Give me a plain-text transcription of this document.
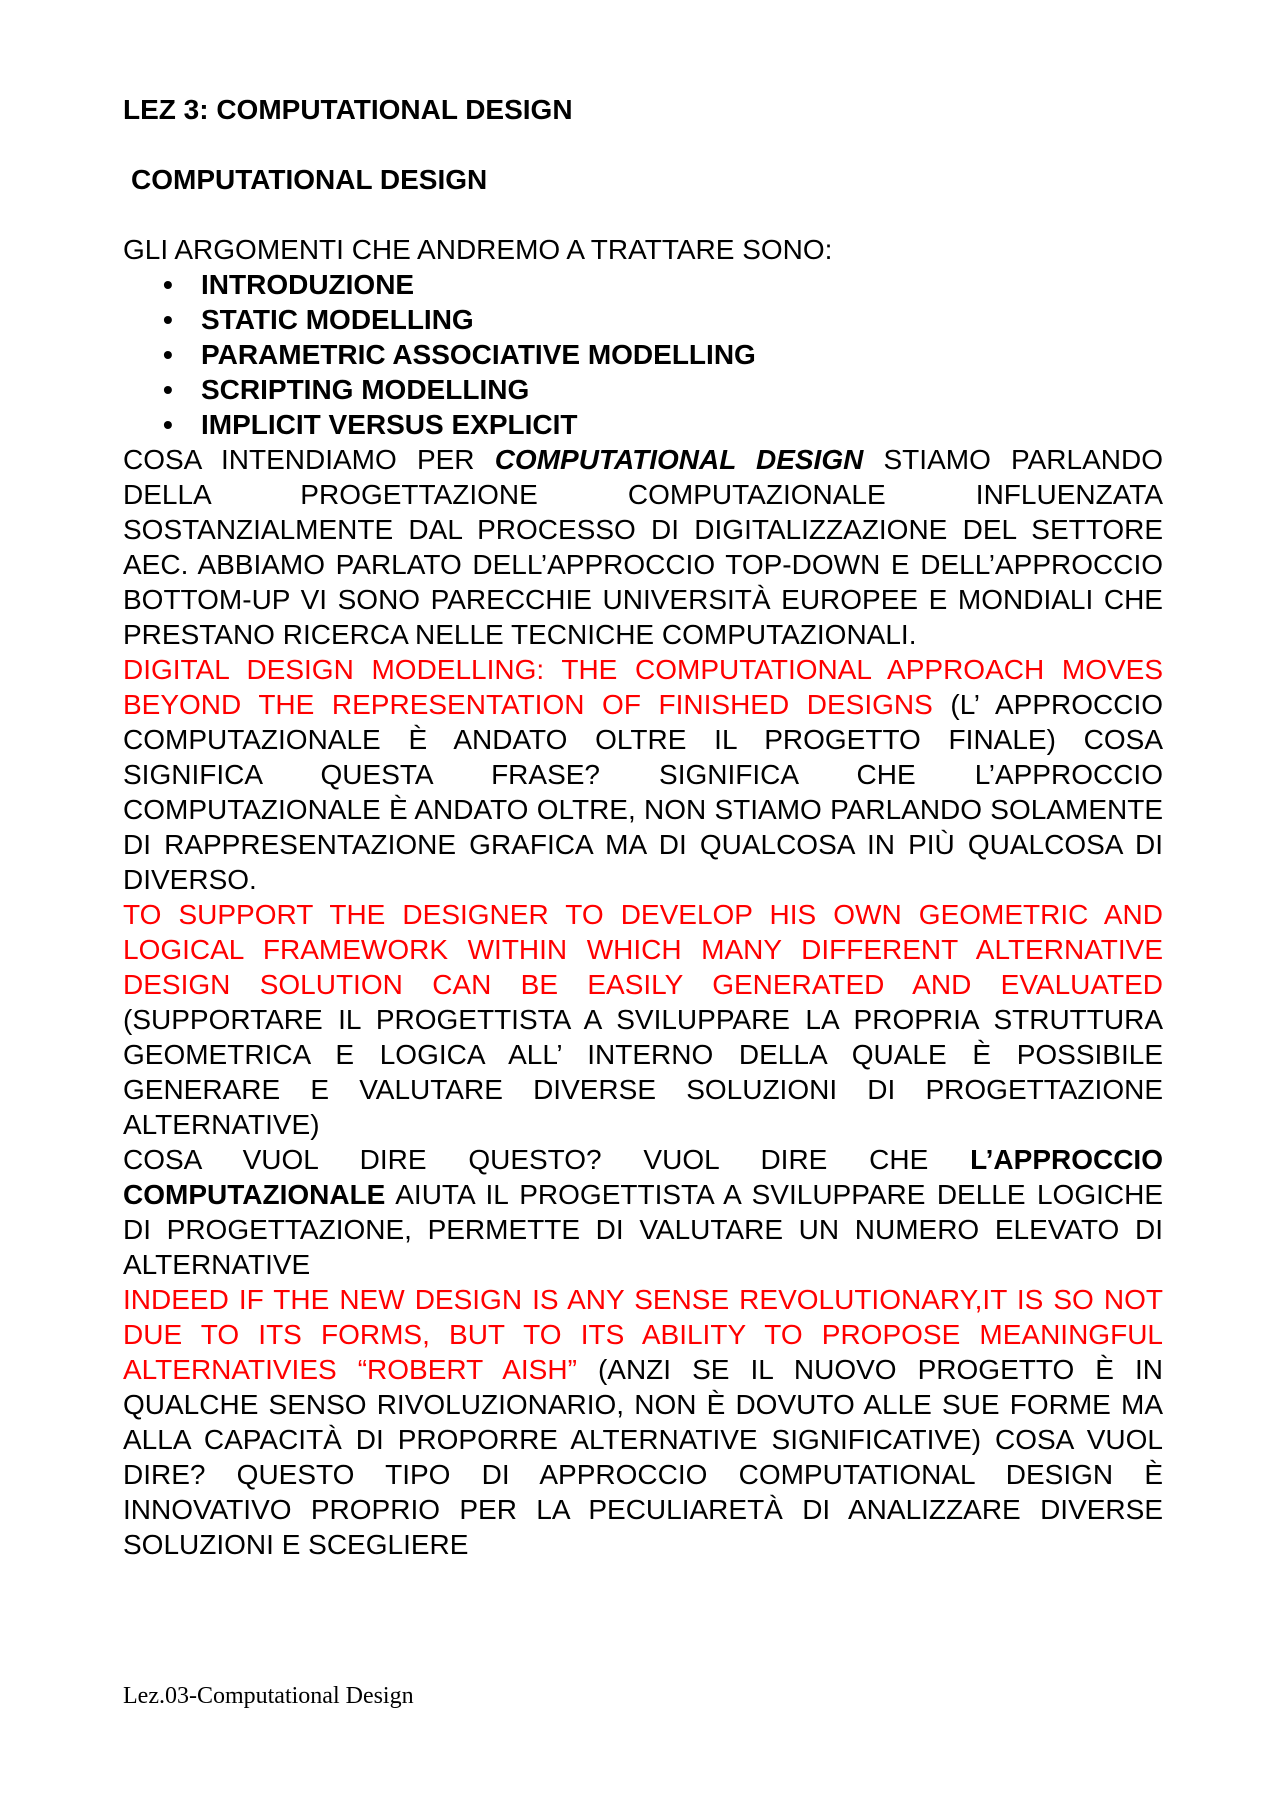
LEZ 3: COMPUTATIONAL DESIGN
COMPUTATIONAL DESIGN
GLI ARGOMENTI CHE ANDREMO A TRATTARE SONO:
• INTRODUZIONE
• STATIC MODELLING
• PARAMETRIC ASSOCIATIVE MODELLING
• SCRIPTING MODELLING
• IMPLICIT VERSUS EXPLICIT

COSA INTENDIAMO PER COMPUTATIONAL DESIGN STIAMO PARLANDO DELLA PROGETTAZIONE COMPUTAZIONALE INFLUENZATA SOSTANZIALMENTE DAL PROCESSO DI DIGITALIZZAZIONE DEL SETTORE AEC. ABBIAMO PARLATO DELL’APPROCCIO TOP-DOWN E DELL’APPROCCIO BOTTOM-UP VI SONO PARECCHIE UNIVERSITÀ EUROPEE E MONDIALI CHE PRESTANO RICERCA NELLE TECNICHE COMPUTAZIONALI.

DIGITAL DESIGN MODELLING: THE COMPUTATIONAL APPROACH MOVES BEYOND THE REPRESENTATION OF FINISHED DESIGNS (L’ APPROCCIO COMPUTAZIONALE È ANDATO OLTRE IL PROGETTO FINALE) COSA SIGNIFICA QUESTA FRASE? SIGNIFICA CHE L’APPROCCIO COMPUTAZIONALE È ANDATO OLTRE, NON STIAMO PARLANDO SOLAMENTE DI RAPPRESENTAZIONE GRAFICA MA DI QUALCOSA IN PIÙ QUALCOSA DI DIVERSO.

TO SUPPORT THE DESIGNER TO DEVELOP HIS OWN GEOMETRIC AND LOGICAL FRAMEWORK WITHIN WHICH MANY DIFFERENT ALTERNATIVE DESIGN SOLUTION CAN BE EASILY GENERATED AND EVALUATED (SUPPORTARE IL PROGETTISTA A SVILUPPARE LA PROPRIA STRUTTURA GEOMETRICA E LOGICA ALL’ INTERNO DELLA QUALE È POSSIBILE GENERARE E VALUTARE DIVERSE SOLUZIONI DI PROGETTAZIONE ALTERNATIVE)

COSA VUOL DIRE QUESTO? VUOL DIRE CHE L’APPROCCIO COMPUTAZIONALE AIUTA IL PROGETTISTA A SVILUPPARE DELLE LOGICHE DI PROGETTAZIONE, PERMETTE DI VALUTARE UN NUMERO ELEVATO DI ALTERNATIVE

INDEED IF THE NEW DESIGN IS ANY SENSE REVOLUTIONARY,IT IS SO NOT DUE TO ITS FORMS, BUT TO ITS ABILITY TO PROPOSE MEANINGFUL ALTERNATIVIES “ROBERT AISH” (ANZI SE IL NUOVO PROGETTO È IN QUALCHE SENSO RIVOLUZIONARIO, NON È DOVUTO ALLE SUE FORME MA ALLA CAPACITÀ DI PROPORRE ALTERNATIVE SIGNIFICATIVE) COSA VUOL DIRE? QUESTO TIPO DI APPROCCIO COMPUTATIONAL DESIGN È INNOVATIVO PROPRIO PER LA PECULIARETÀ DI ANALIZZARE DIVERSE SOLUZIONI E SCEGLIERE

Lez.03-Computational Design
